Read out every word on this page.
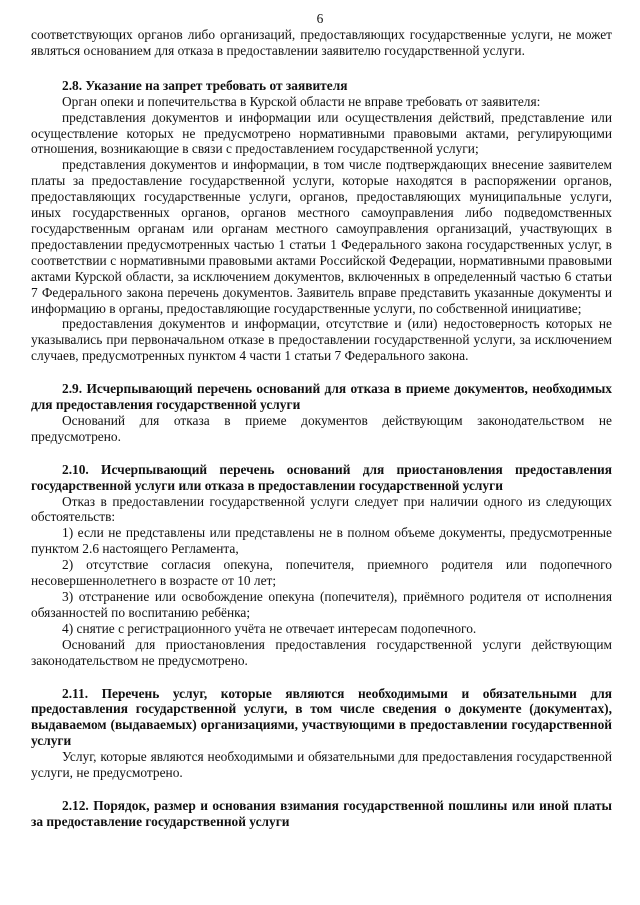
6

соответствующих органов либо организаций, предоставляющих государственные услуги, не может являться основанием для отказа в предоставлении заявителю государственной услуги.

2.8. Указание на запрет требовать от заявителя

Орган опеки и попечительства в Курской области не вправе требовать от заявителя:

представления документов и информации или осуществления действий, представление или осуществление которых не предусмотрено нормативными правовыми актами, регулирующими отношения, возникающие в связи с предоставлением государственной услуги;

представления документов и информации, в том числе подтверждающих внесение заявителем платы за предоставление государственной услуги, которые находятся в распоряжении органов, предоставляющих государственные услуги, органов, предоставляющих муниципальные услуги, иных государственных органов, органов местного самоуправления либо подведомственных государственным органам или органам местного самоуправления организаций, участвующих в предоставлении предусмотренных частью 1 статьи 1 Федерального закона государственных услуг, в соответствии с нормативными правовыми актами Российской Федерации, нормативными правовыми актами Курской области, за исключением документов, включенных в определенный частью 6 статьи 7 Федерального закона перечень документов. Заявитель вправе представить указанные документы и информацию в органы, предоставляющие государственные услуги, по собственной инициативе;

предоставления документов и информации, отсутствие и (или) недостоверность которых не указывались при первоначальном отказе в предоставлении государственной услуги, за исключением случаев, предусмотренных пунктом 4 части 1 статьи 7 Федерального закона.

2.9. Исчерпывающий перечень оснований для отказа в приеме документов, необходимых для предоставления государственной услуги

Оснований для отказа в приеме документов действующим законодательством не предусмотрено.

2.10. Исчерпывающий перечень оснований для приостановления предоставления государственной услуги или отказа в предоставлении государственной услуги

Отказ в предоставлении государственной услуги следует при наличии одного из следующих обстоятельств:

1) если не представлены или представлены не в полном объеме документы, предусмотренные пунктом 2.6 настоящего Регламента,

2) отсутствие согласия опекуна, попечителя, приемного родителя или подопечного несовершеннолетнего в возрасте от 10 лет;

3) отстранение или освобождение опекуна (попечителя), приёмного родителя от исполнения обязанностей по воспитанию ребёнка;

4) снятие с регистрационного учёта не отвечает интересам подопечного.

Оснований для приостановления предоставления государственной услуги действующим законодательством не предусмотрено.

2.11. Перечень услуг, которые являются необходимыми и обязательными для предоставления государственной услуги, в том числе сведения о документе (документах), выдаваемом (выдаваемых) организациями, участвующими в предоставлении государственной услуги

Услуг, которые являются необходимыми и обязательными для предоставления государственной услуги, не предусмотрено.

2.12. Порядок, размер и основания взимания государственной пошлины или иной платы за предоставление государственной услуги
